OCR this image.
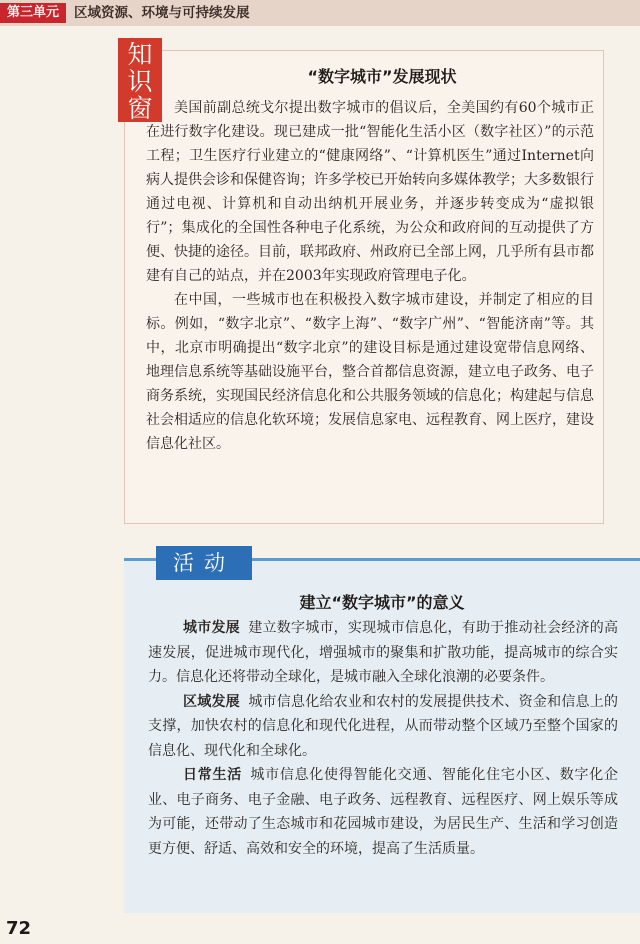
第三单元	区域资源、环境与可持续发展
知
识
窗
“数字城市”发展现状

美国前副总统戈尔提出数字城市的倡议后，全美国约有60个城市正在进行数字化建设。现已建成一批“智能化生活小区（数字社区）”的示范工程；卫生医疗行业建立的“健康网络”、“计算机医生”通过Internet向病人提供会诊和保健咨询；许多学校已开始转向多媒体教学；大多数银行通过电视、计算机和自动出纳机开展业务，并逐步转变成为“虚拟银行”；集成化的全国性各种电子化系统，为公众和政府间的互动提供了方便、快捷的途径。目前，联邦政府、州政府已全部上网，几乎所有县市都建有自己的站点，并在2003年实现政府管理电子化。

在中国，一些城市也在积极投入数字城市建设，并制定了相应的目标。例如，“数字北京”、“数字上海”、“数字广州”、“智能济南”等。其中，北京市明确提出“数字北京”的建设目标是通过建设宽带信息网络、地理信息系统等基础设施平台，整合首都信息资源，建立电子政务、电子商务系统，实现国民经济信息化和公共服务领域的信息化；构建起与信息社会相适应的信息化软环境；发展信息家电、远程教育、网上医疗，建设信息化社区。

活动
建立“数字城市”的意义

城市发展 建立数字城市，实现城市信息化，有助于推动社会经济的高速发展，促进城市现代化，增强城市的聚集和扩散功能，提高城市的综合实力。信息化还将带动全球化，是城市融入全球化浪潮的必要条件。

区域发展 城市信息化给农业和农村的发展提供技术、资金和信息上的支撑，加快农村的信息化和现代化进程，从而带动整个区域乃至整个国家的信息化、现代化和全球化。

日常生活 城市信息化使得智能化交通、智能化住宅小区、数字化企业、电子商务、电子金融、电子政务、远程教育、远程医疗、网上娱乐等成为可能，还带动了生态城市和花园城市建设，为居民生产、生活和学习创造更方便、舒适、高效和安全的环境，提高了生活质量。

72
